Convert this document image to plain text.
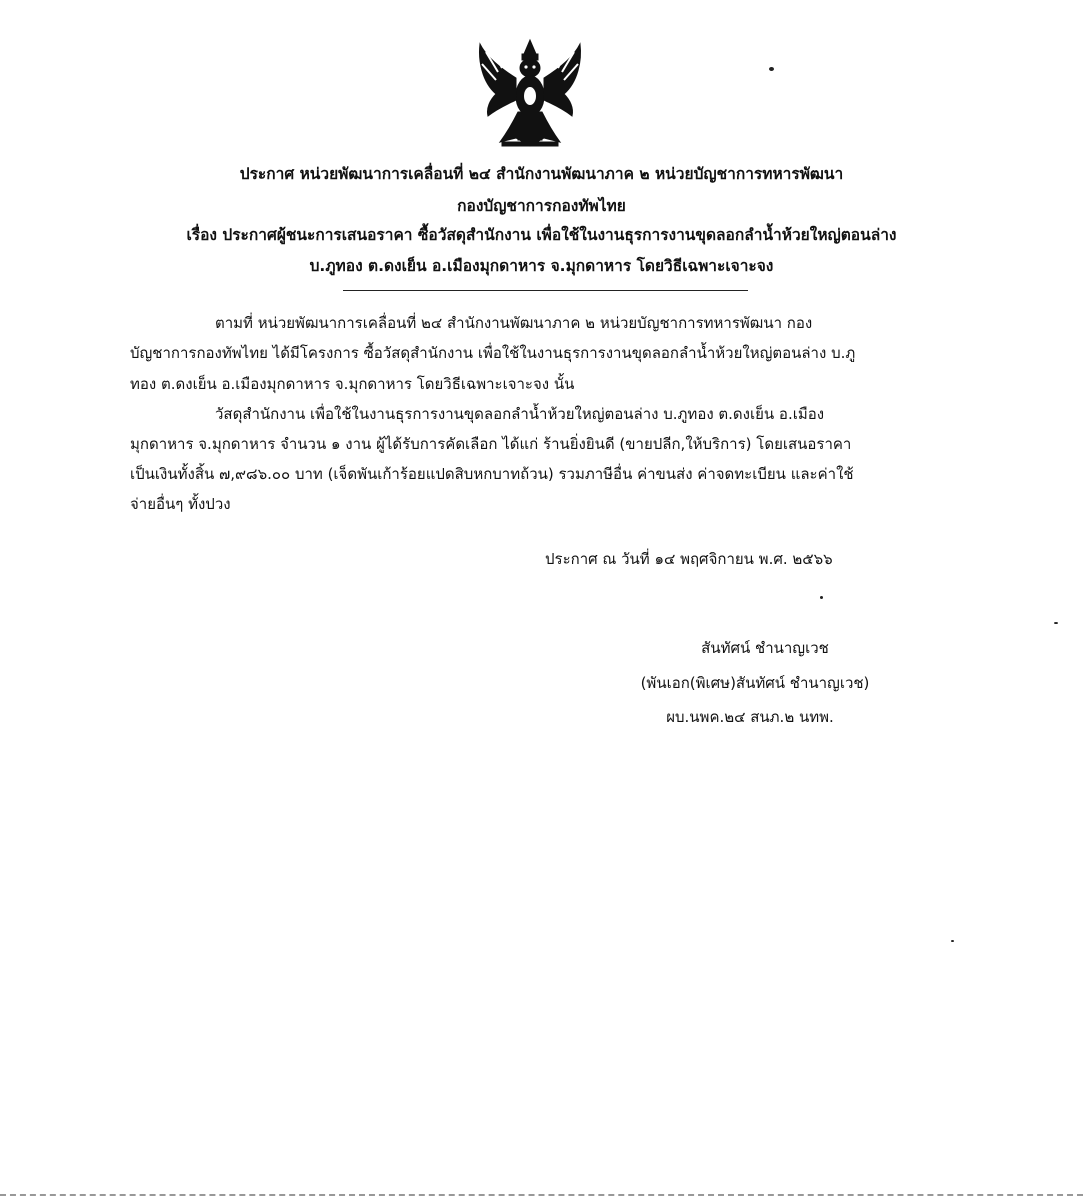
ประกาศ หน่วยพัฒนาการเคลื่อนที่ ๒๔ สำนักงานพัฒนาภาค ๒ หน่วยบัญชาการทหารพัฒนา
กองบัญชาการกองทัพไทย
เรื่อง ประกาศผู้ชนะการเสนอราคา ซื้อวัสดุสำนักงาน เพื่อใช้ในงานธุรการงานขุดลอกลำน้ำห้วยใหญ่ตอนล่าง
บ.ภูทอง ต.ดงเย็น อ.เมืองมุกดาหาร จ.มุกดาหาร โดยวิธีเฉพาะเจาะจง
ตามที่ หน่วยพัฒนาการเคลื่อนที่ ๒๔ สำนักงานพัฒนาภาค ๒ หน่วยบัญชาการทหารพัฒนา กอง
บัญชาการกองทัพไทย ได้มีโครงการ ซื้อวัสดุสำนักงาน เพื่อใช้ในงานธุรการงานขุดลอกลำน้ำห้วยใหญ่ตอนล่าง บ.ภู
ทอง ต.ดงเย็น อ.เมืองมุกดาหาร จ.มุกดาหาร โดยวิธีเฉพาะเจาะจง นั้น
วัสดุสำนักงาน เพื่อใช้ในงานธุรการงานขุดลอกลำน้ำห้วยใหญ่ตอนล่าง บ.ภูทอง ต.ดงเย็น อ.เมือง
มุกดาหาร จ.มุกดาหาร จำนวน ๑ งาน ผู้ได้รับการคัดเลือก ได้แก่ ร้านยิ่งยินดี (ขายปลีก,ให้บริการ) โดยเสนอราคา
เป็นเงินทั้งสิ้น ๗,๙๘๖.๐๐ บาท (เจ็ดพันเก้าร้อยแปดสิบหกบาทถ้วน) รวมภาษีอื่น ค่าขนส่ง ค่าจดทะเบียน และค่าใช้
จ่ายอื่นๆ ทั้งปวง
ประกาศ ณ วันที่ ๑๔ พฤศจิกายน พ.ศ. ๒๕๖๖
สันทัศน์ ชำนาญเวช
(พันเอก(พิเศษ)สันทัศน์ ชำนาญเวช)
ผบ.นพค.๒๔ สนภ.๒ นทพ.
